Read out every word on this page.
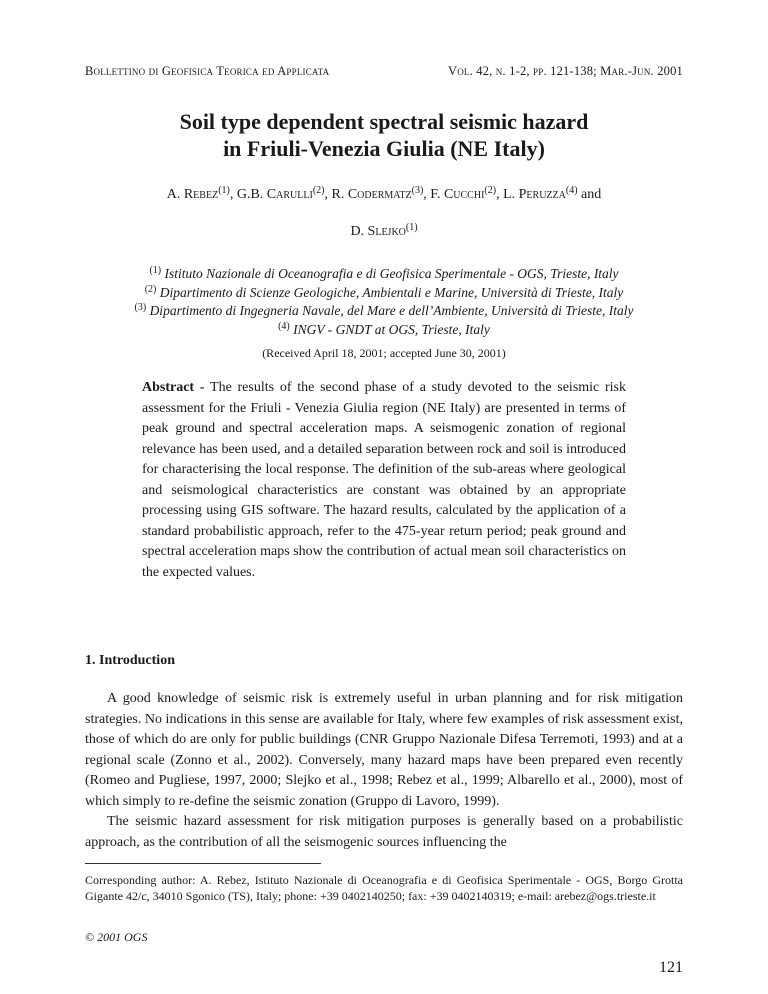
Bollettino di Geofisica Teorica ed Applicata	Vol. 42, n. 1-2, pp. 121-138; Mar.-Jun. 2001
Soil type dependent spectral seismic hazard
in Friuli-Venezia Giulia (NE Italy)
A. Rebez$^{(1)}$, G.B. Carulli$^{(2)}$, R. Codermatz$^{(3)}$, F. Cucchi$^{(2)}$, L. Peruzza$^{(4)}$ and
D. Slejko$^{(1)}$
$^{(1)}$ Istituto Nazionale di Oceanografia e di Geofisica Sperimentale - OGS, Trieste, Italy
$^{(2)}$ Dipartimento di Scienze Geologiche, Ambientali e Marine, Università di Trieste, Italy
$^{(3)}$ Dipartimento di Ingegneria Navale, del Mare e dell’Ambiente, Università di Trieste, Italy
$^{(4)}$ INGV - GNDT at OGS, Trieste, Italy
(Received April 18, 2001; accepted June 30, 2001)
Abstract - The results of the second phase of a study devoted to the seismic risk assessment for the Friuli - Venezia Giulia region (NE Italy) are presented in terms of peak ground and spectral acceleration maps. A seismogenic zonation of regional relevance has been used, and a detailed separation between rock and soil is introduced for characterising the local response. The definition of the sub-areas where geological and seismological characteristics are constant was obtained by an appropriate processing using GIS software. The hazard results, calculated by the application of a standard probabilistic approach, refer to the 475-year return period; peak ground and spectral acceleration maps show the contribution of actual mean soil characteristics on the expected values.
1. Introduction

A good knowledge of seismic risk is extremely useful in urban planning and for risk mitigation strategies. No indications in this sense are available for Italy, where few examples of risk assessment exist, those of which do are only for public buildings (CNR Gruppo Nazionale Difesa Terremoti, 1993) and at a regional scale (Zonno et al., 2002). Conversely, many hazard maps have been prepared even recently (Romeo and Pugliese, 1997, 2000; Slejko et al., 1998; Rebez et al., 1999; Albarello et al., 2000), most of which simply to re-define the seismic zonation (Gruppo di Lavoro, 1999).

The seismic hazard assessment for risk mitigation purposes is generally based on a probabilistic approach, as the contribution of all the seismogenic sources influencing the

Corresponding author: A. Rebez, Istituto Nazionale di Oceanografia e di Geofisica Sperimentale - OGS, Borgo Grotta Gigante 42/c, 34010 Sgonico (TS), Italy; phone: +39 0402140250; fax: +39 0402140319; e-mail: arebez@ogs.trieste.it
© 2001 OGS
121
